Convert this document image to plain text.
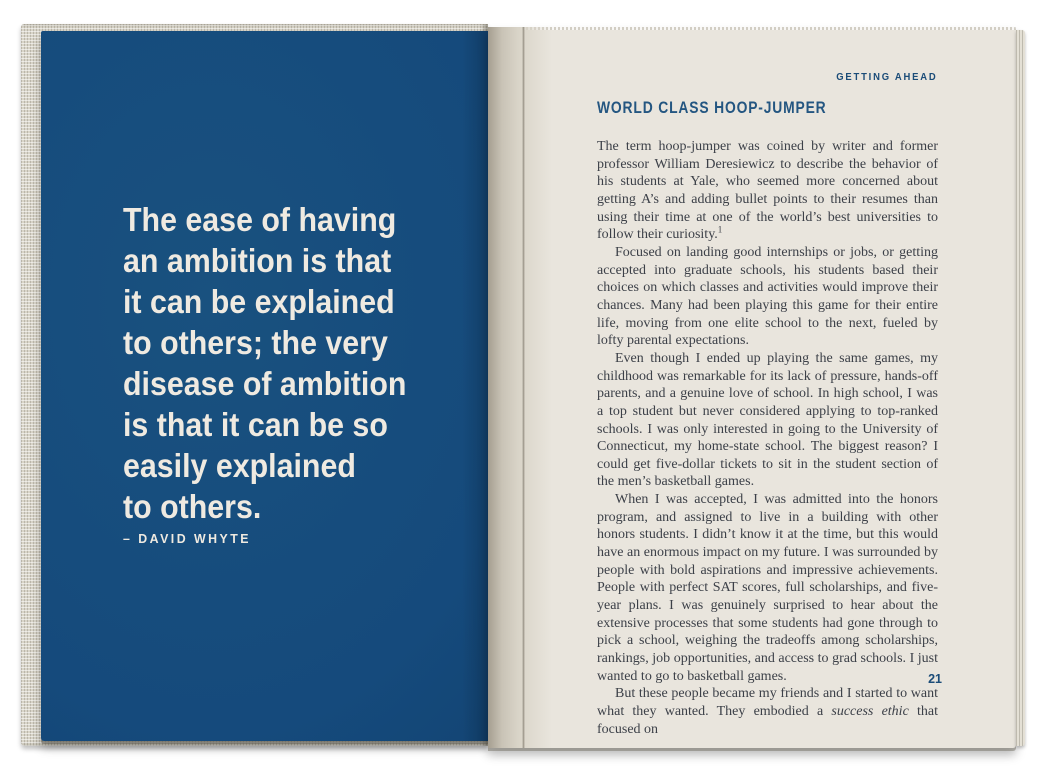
The ease of having
an ambition is that
it can be explained
to others; the very
disease of ambition
is that it can be so
easily explained
to others.
– DAVID WHYTE
GETTING AHEAD
WORLD CLASS HOOP-JUMPER

The term hoop-jumper was coined by writer and former professor William Deresiewicz to describe the behavior of his students at Yale, who seemed more concerned about getting A’s and adding bullet points to their resumes than using their time at one of the world’s best universities to follow their curiosity.$^1$

Focused on landing good internships or jobs, or getting accepted into graduate schools, his students based their choices on which classes and activities would improve their chances. Many had been playing this game for their entire life, moving from one elite school to the next, fueled by lofty parental expectations.

Even though I ended up playing the same games, my childhood was remarkable for its lack of pressure, hands-off parents, and a genuine love of school. In high school, I was a top student but never considered applying to top-ranked schools. I was only interested in going to the University of Connecticut, my home-state school. The biggest reason? I could get five-dollar tickets to sit in the student section of the men’s basketball games.

When I was accepted, I was admitted into the honors program, and assigned to live in a building with other honors students. I didn’t know it at the time, but this would have an enormous impact on my future. I was surrounded by people with bold aspirations and impressive achievements. People with perfect SAT scores, full scholarships, and five-year plans. I was genuinely surprised to hear about the extensive processes that some students had gone through to pick a school, weighing the tradeoffs among scholarships, rankings, job opportunities, and access to grad schools. I just wanted to go to basketball games.

But these people became my friends and I started to want what they wanted. They embodied a success ethic that focused on

21
